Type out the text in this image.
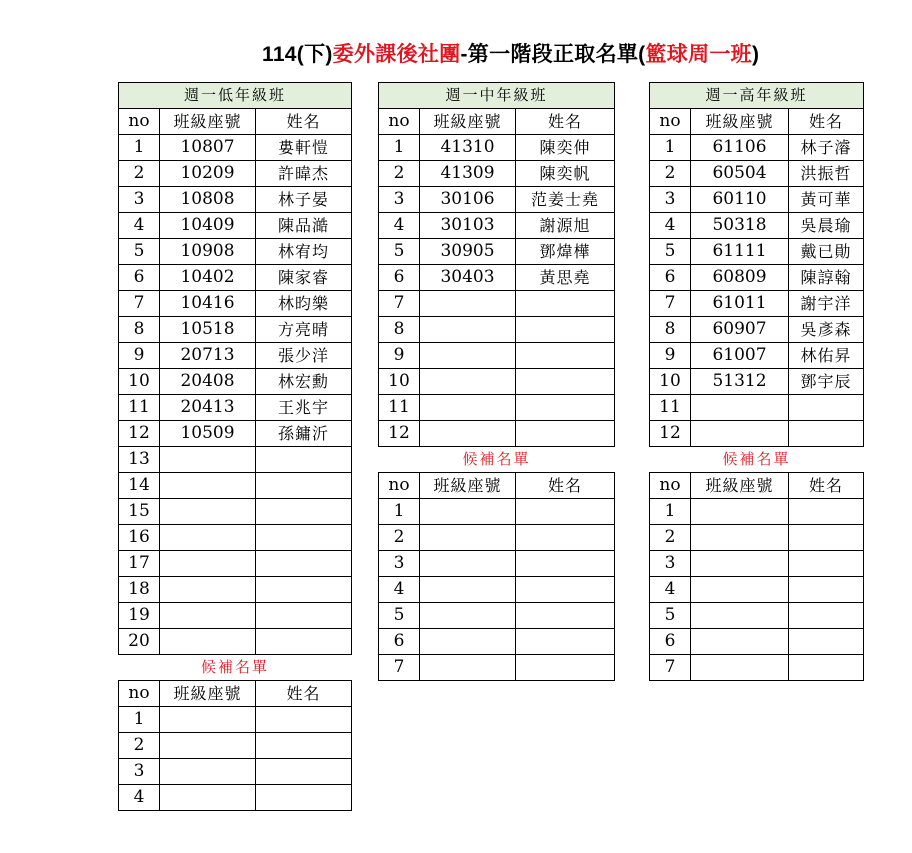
114(下)委外課後社團-第一階段正取名單(籃球周一班)
週一低年級班		
no	班級座號	姓名
1	10807	婁軒愷
2	10209	許暐杰
3	10808	林子晏
4	10409	陳品澔
5	10908	林宥均
6	10402	陳家睿
7	10416	林昀樂
8	10518	方亮晴
9	20713	張少洋
10	20408	林宏勳
11	20413	王兆宇
12	10509	孫鏞沂
13		
14		
15		
16		
17		
18		
19		
20		
候補名單		
no	班級座號	姓名
1		
2		
3		
4		
週一中年級班		
no	班級座號	姓名
1	41310	陳奕伸
2	41309	陳奕帆
3	30106	范姜士堯
4	30103	謝源旭
5	30905	鄧煒樺
6	30403	黃思堯
7		
8		
9		
10		
11		
12		
候補名單		
no	班級座號	姓名
1		
2		
3		
4		
5		
6		
7		
週一高年級班		
no	班級座號	姓名
1	61106	林子濬
2	60504	洪振哲
3	60110	黃可華
4	50318	吳晨瑜
5	61111	戴已勛
6	60809	陳諄翰
7	61011	謝宇洋
8	60907	吳彥森
9	61007	林佑昇
10	51312	鄧宇辰
11		
12		
候補名單		
no	班級座號	姓名
1		
2		
3		
4		
5		
6		
7		
